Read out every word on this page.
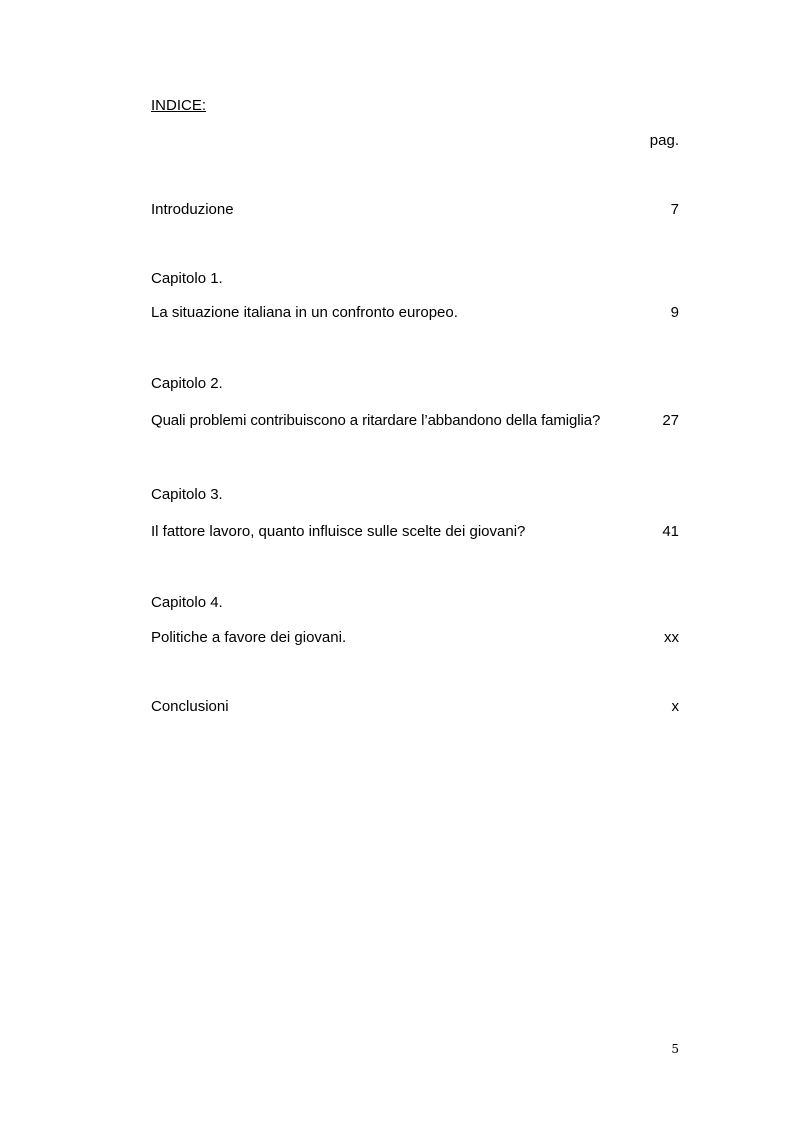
INDICE:
pag.
Introduzione	7
Capitolo 1.
La situazione italiana in un confronto europeo.	9
Capitolo 2.
Quali problemi contribuiscono a ritardare l’abbandono della famiglia?	27
Capitolo 3.
Il fattore lavoro, quanto influisce sulle scelte dei giovani?	41
Capitolo 4.
Politiche a favore dei giovani.	xx
Conclusioni	x
5
